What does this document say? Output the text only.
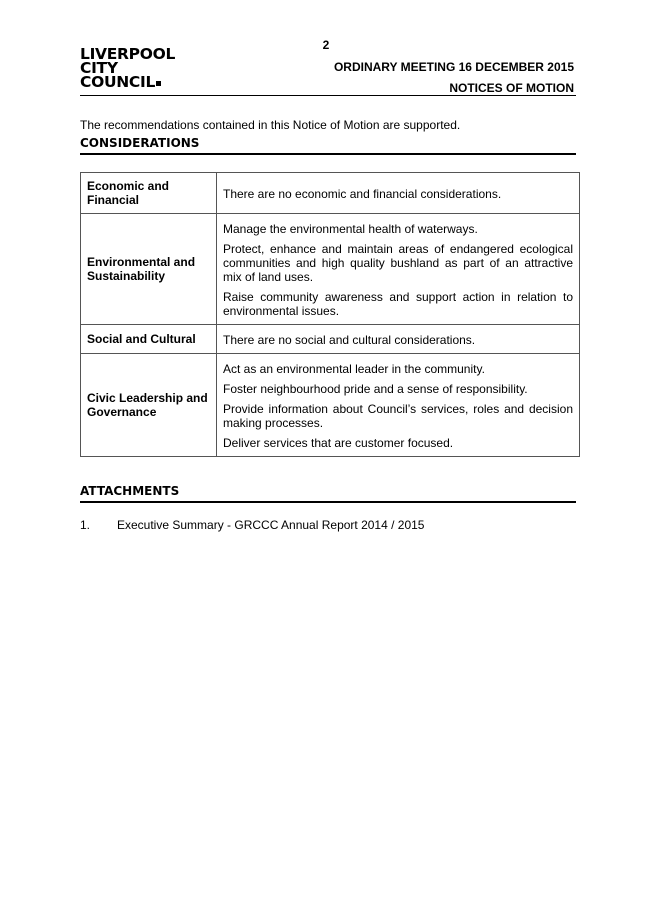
2
LIVERPOOL
CITY
COUNCIL
ORDINARY MEETING 16 DECEMBER 2015
NOTICES OF MOTION
The recommendations contained in this Notice of Motion are supported.
CONSIDERATIONS
Economic and Financial	There are no economic and financial considerations.

Environmental and Sustainability	Manage the environmental health of waterways.

Protect, enhance and maintain areas of endangered ecological communities and high quality bushland as part of an attractive mix of land uses.

Raise community awareness and support action in relation to environmental issues.

Social and Cultural	There are no social and cultural considerations.

Civic Leadership and Governance	Act as an environmental leader in the community.

Foster neighbourhood pride and a sense of responsibility.

Provide information about Council’s services, roles and decision making processes.

Deliver services that are customer focused.

ATTACHMENTS
1. Executive Summary - GRCCC Annual Report 2014 / 2015
